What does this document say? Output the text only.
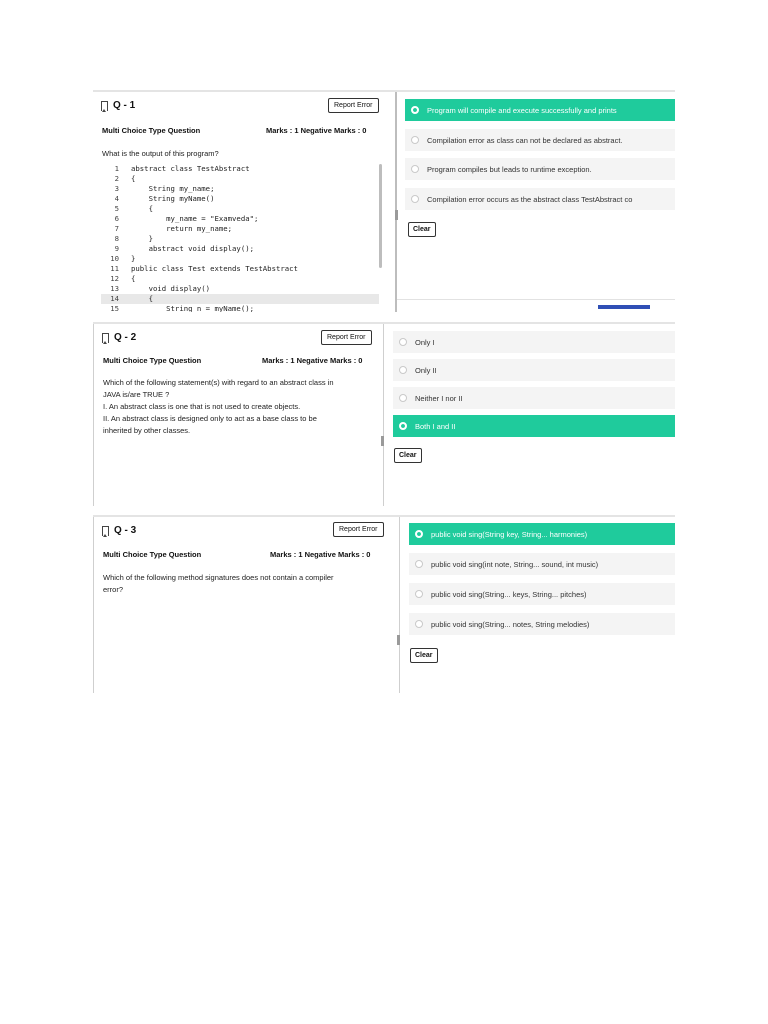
Q - 1	Report Error
Multi Choice Type Question	Marks : 1 Negative Marks : 0
What is the output of this program?
1 abstract class TestAbstract
2 {
3    String my_name;
4    String myName()
5    {
6        my_name = "Examveda";
7        return my_name;
8    }
9    abstract void display();
10 }
11 public class Test extends TestAbstract
12 {
13    void display()
14    {
15        String n = myName();
Program will compile and execute successfully and prints
Compilation error as class can not be declared as abstract.
Program compiles but leads to runtime exception.
Compilation error occurs as the abstract class TestAbstract co
Clear
Q - 2	Report Error
Multi Choice Type Question	Marks : 1 Negative Marks : 0
Which of the following statement(s) with regard to an abstract class in
JAVA is/are TRUE ?
I. An abstract class is one that is not used to create objects.
II. An abstract class is designed only to act as a base class to be
inherited by other classes.
Only I
Only II
Neither I nor II
Both I and II
Clear
Q - 3	Report Error
Multi Choice Type Question	Marks : 1 Negative Marks : 0
Which of the following method signatures does not contain a compiler
error?
public void sing(String key, String... harmonies)
public void sing(int note, String... sound, int music)
public void sing(String... keys, String... pitches)
public void sing(String... notes, String melodies)
Clear
